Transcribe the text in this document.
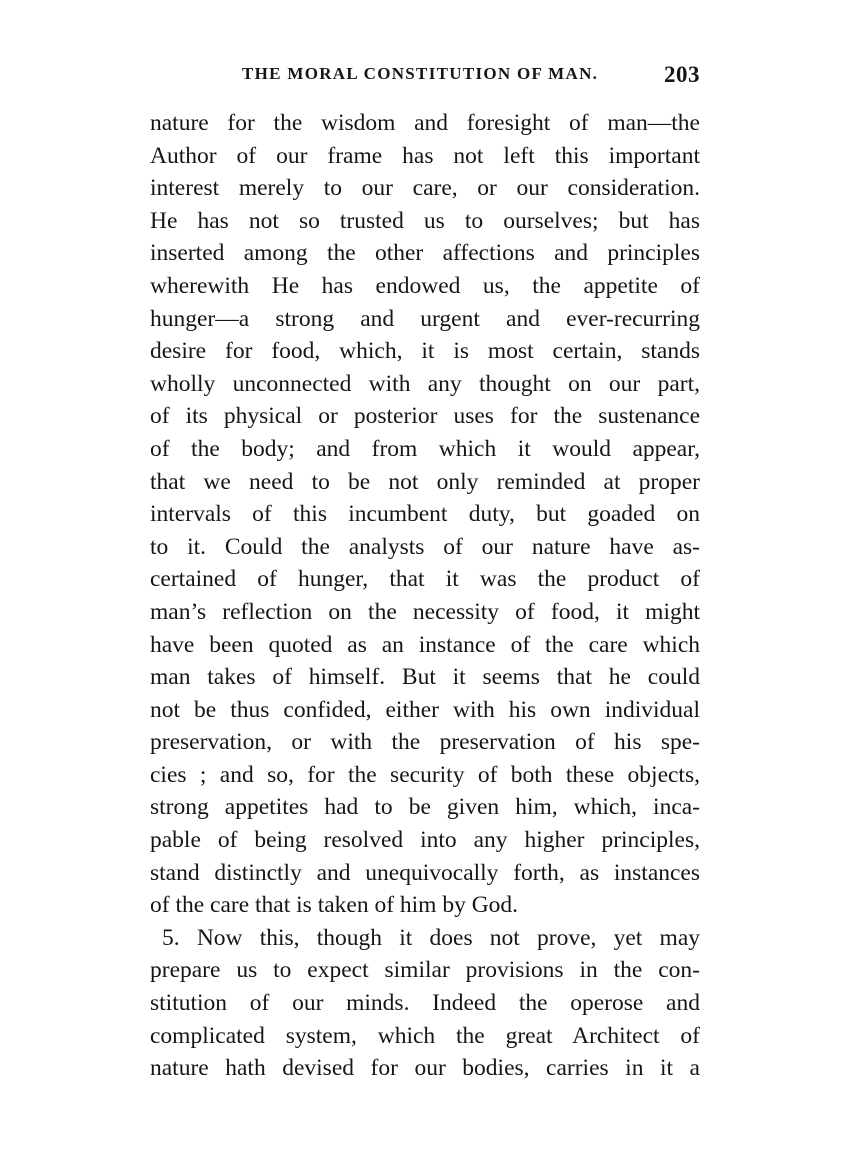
THE MORAL CONSTITUTION OF MAN.	203
nature for the wisdom and foresight of man—the
Author of our frame has not left this important
interest merely to our care, or our consideration.
He has not so trusted us to ourselves; but has
inserted among the other affections and principles
wherewith He has endowed us, the appetite of
hunger—a strong and urgent and ever-recurring
desire for food, which, it is most certain, stands
wholly unconnected with any thought on our part,
of its physical or posterior uses for the sustenance
of the body; and from which it would appear,
that we need to be not only reminded at proper
intervals of this incumbent duty, but goaded on
to it. Could the analysts of our nature have as-
certained of hunger, that it was the product of
man’s reflection on the necessity of food, it might
have been quoted as an instance of the care which
man takes of himself. But it seems that he could
not be thus confided, either with his own individual
preservation, or with the preservation of his spe-
cies ; and so, for the security of both these objects,
strong appetites had to be given him, which, inca-
pable of being resolved into any higher principles,
stand distinctly and unequivocally forth, as instances
of the care that is taken of him by God.
5. Now this, though it does not prove, yet may
prepare us to expect similar provisions in the con-
stitution of our minds. Indeed the operose and
complicated system, which the great Architect of
nature hath devised for our bodies, carries in it a
